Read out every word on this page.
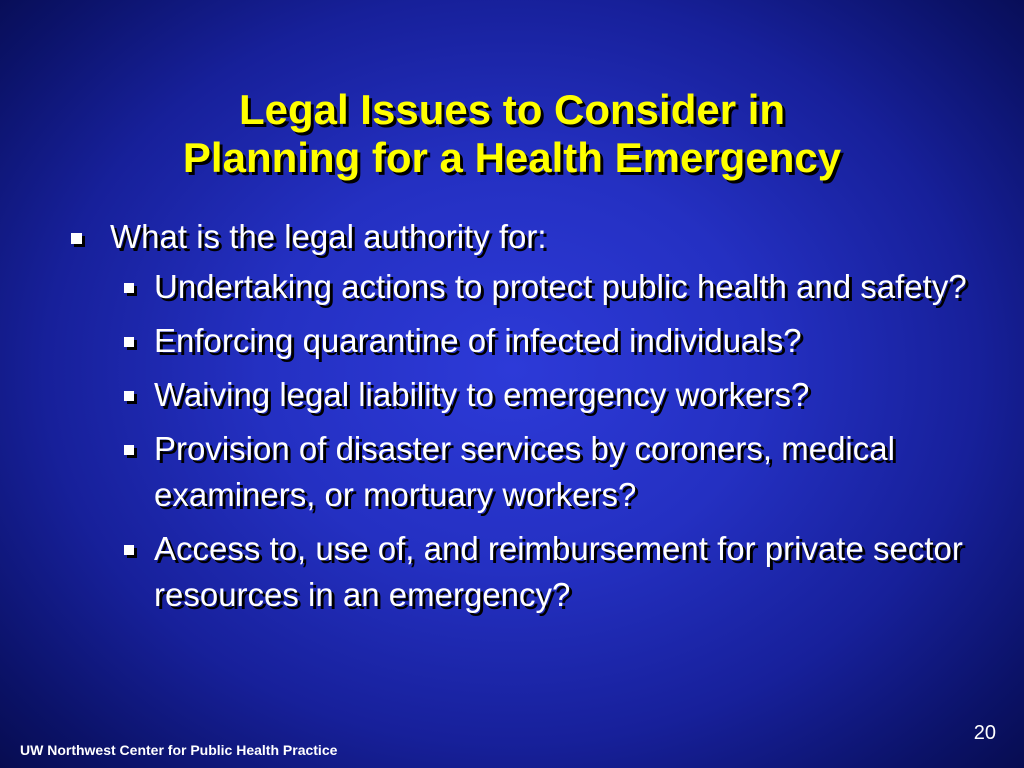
Legal Issues to Consider in
Planning for a Health Emergency
What is the legal authority for:
Undertaking actions to protect public health and safety?
Enforcing quarantine of infected individuals?
Waiving legal liability to emergency workers?
Provision of disaster services by coroners, medical examiners, or mortuary workers?
Access to, use of, and reimbursement for private sector resources in an emergency?
20
UW Northwest Center for Public Health Practice
